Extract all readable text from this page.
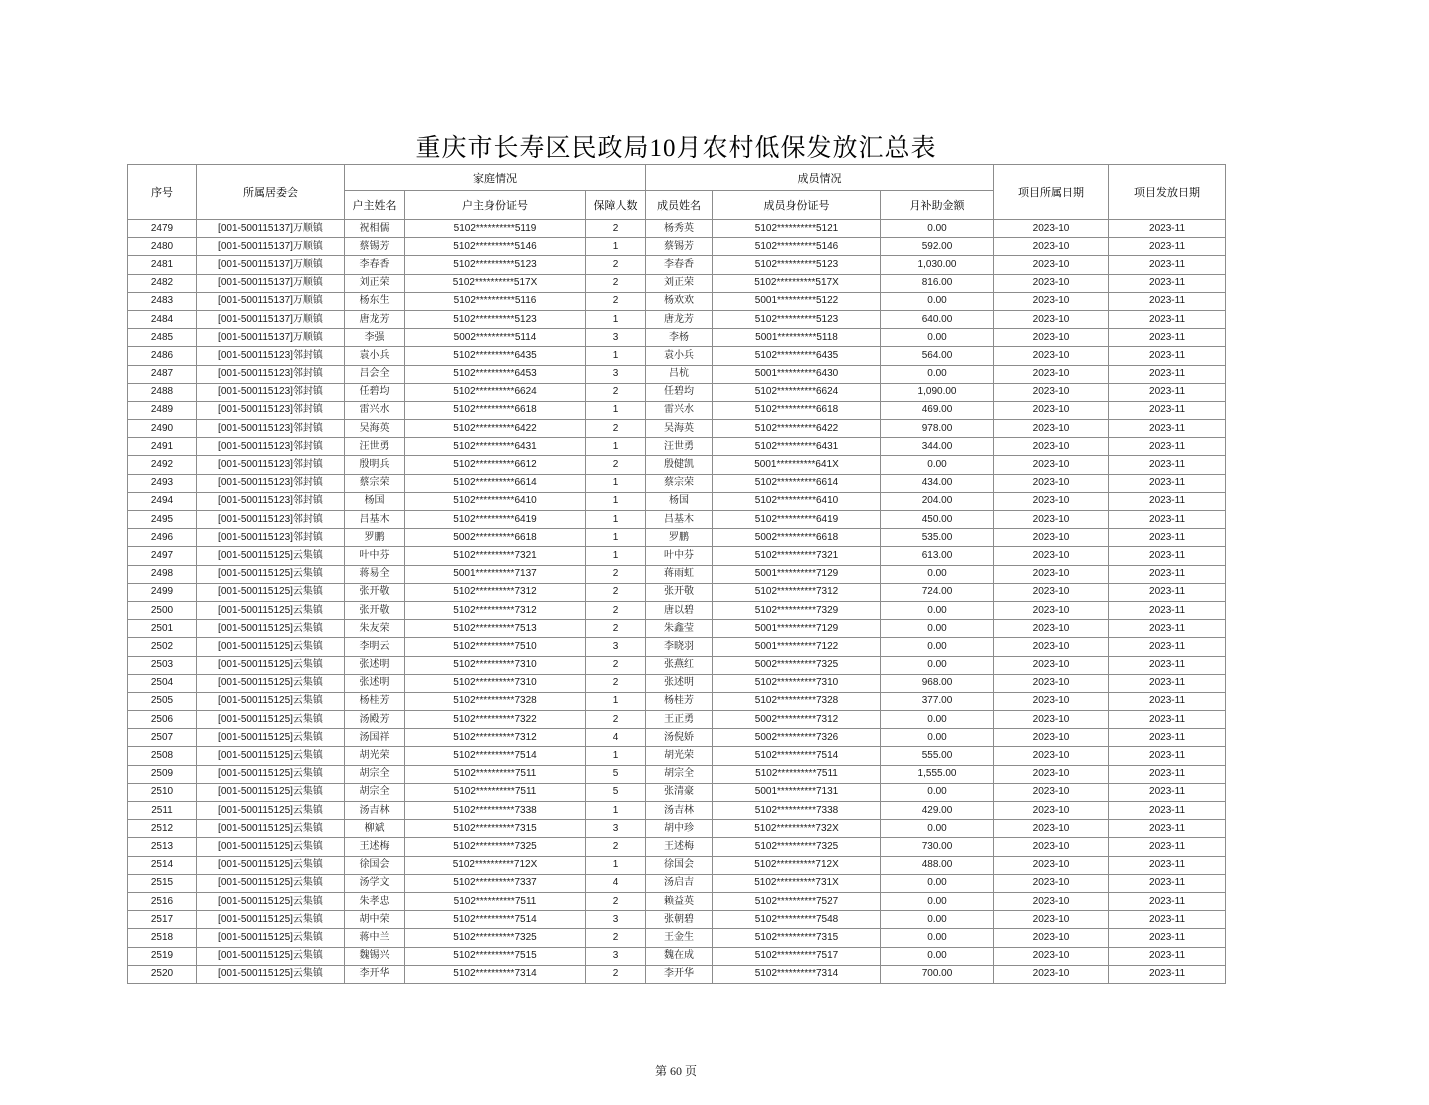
重庆市长寿区民政局10月农村低保发放汇总表
序号	所属居委会	家庭情况			成员情况			项目所属日期	项目发放日期
		户主姓名	户主身份证号	保障人数	成员姓名	成员身份证号	月补助金额		
2479	[001-500115137]万顺镇	祝相儒	5102**********5119	2	杨秀英	5102**********5121	0.00	2023-10	2023-11
2480	[001-500115137]万顺镇	蔡锡芳	5102**********5146	1	蔡锡芳	5102**********5146	592.00	2023-10	2023-11
2481	[001-500115137]万顺镇	李春香	5102**********5123	2	李春香	5102**********5123	1,030.00	2023-10	2023-11
2482	[001-500115137]万顺镇	刘正荣	5102**********517X	2	刘正荣	5102**********517X	816.00	2023-10	2023-11
2483	[001-500115137]万顺镇	杨东生	5102**********5116	2	杨欢欢	5001**********5122	0.00	2023-10	2023-11
2484	[001-500115137]万顺镇	唐龙芳	5102**********5123	1	唐龙芳	5102**********5123	640.00	2023-10	2023-11
2485	[001-500115137]万顺镇	李强	5002**********5114	3	李杨	5001**********5118	0.00	2023-10	2023-11
2486	[001-500115123]邻封镇	袁小兵	5102**********6435	1	袁小兵	5102**********6435	564.00	2023-10	2023-11
2487	[001-500115123]邻封镇	吕会全	5102**********6453	3	吕杭	5001**********6430	0.00	2023-10	2023-11
2488	[001-500115123]邻封镇	任碧均	5102**********6624	2	任碧均	5102**********6624	1,090.00	2023-10	2023-11
2489	[001-500115123]邻封镇	雷兴水	5102**********6618	1	雷兴水	5102**********6618	469.00	2023-10	2023-11
2490	[001-500115123]邻封镇	吴海英	5102**********6422	2	吴海英	5102**********6422	978.00	2023-10	2023-11
2491	[001-500115123]邻封镇	汪世勇	5102**********6431	1	汪世勇	5102**********6431	344.00	2023-10	2023-11
2492	[001-500115123]邻封镇	殷明兵	5102**********6612	2	殷健凯	5001**********641X	0.00	2023-10	2023-11
2493	[001-500115123]邻封镇	蔡宗荣	5102**********6614	1	蔡宗荣	5102**********6614	434.00	2023-10	2023-11
2494	[001-500115123]邻封镇	杨国	5102**********6410	1	杨国	5102**********6410	204.00	2023-10	2023-11
2495	[001-500115123]邻封镇	吕基木	5102**********6419	1	吕基木	5102**********6419	450.00	2023-10	2023-11
2496	[001-500115123]邻封镇	罗鹏	5002**********6618	1	罗鹏	5002**********6618	535.00	2023-10	2023-11
2497	[001-500115125]云集镇	叶中芬	5102**********7321	1	叶中芬	5102**********7321	613.00	2023-10	2023-11
2498	[001-500115125]云集镇	蒋易全	5001**********7137	2	蒋雨虹	5001**********7129	0.00	2023-10	2023-11
2499	[001-500115125]云集镇	张开敬	5102**********7312	2	张开敬	5102**********7312	724.00	2023-10	2023-11
2500	[001-500115125]云集镇	张开敬	5102**********7312	2	唐以碧	5102**********7329	0.00	2023-10	2023-11
2501	[001-500115125]云集镇	朱友荣	5102**********7513	2	朱鑫莹	5001**********7129	0.00	2023-10	2023-11
2502	[001-500115125]云集镇	李明云	5102**********7510	3	李晓羽	5001**********7122	0.00	2023-10	2023-11
2503	[001-500115125]云集镇	张述明	5102**********7310	2	张燕红	5002**********7325	0.00	2023-10	2023-11
2504	[001-500115125]云集镇	张述明	5102**********7310	2	张述明	5102**********7310	968.00	2023-10	2023-11
2505	[001-500115125]云集镇	杨桂芳	5102**********7328	1	杨桂芳	5102**********7328	377.00	2023-10	2023-11
2506	[001-500115125]云集镇	汤殿芳	5102**********7322	2	王正勇	5002**********7312	0.00	2023-10	2023-11
2507	[001-500115125]云集镇	汤国祥	5102**********7312	4	汤倪娇	5002**********7326	0.00	2023-10	2023-11
2508	[001-500115125]云集镇	胡光荣	5102**********7514	1	胡光荣	5102**********7514	555.00	2023-10	2023-11
2509	[001-500115125]云集镇	胡宗全	5102**********7511	5	胡宗全	5102**********7511	1,555.00	2023-10	2023-11
2510	[001-500115125]云集镇	胡宗全	5102**********7511	5	张清豪	5001**********7131	0.00	2023-10	2023-11
2511	[001-500115125]云集镇	汤吉林	5102**********7338	1	汤吉林	5102**********7338	429.00	2023-10	2023-11
2512	[001-500115125]云集镇	柳斌	5102**********7315	3	胡中珍	5102**********732X	0.00	2023-10	2023-11
2513	[001-500115125]云集镇	王述梅	5102**********7325	2	王述梅	5102**********7325	730.00	2023-10	2023-11
2514	[001-500115125]云集镇	徐国会	5102**********712X	1	徐国会	5102**********712X	488.00	2023-10	2023-11
2515	[001-500115125]云集镇	汤学文	5102**********7337	4	汤启吉	5102**********731X	0.00	2023-10	2023-11
2516	[001-500115125]云集镇	朱孝忠	5102**********7511	2	赖益英	5102**********7527	0.00	2023-10	2023-11
2517	[001-500115125]云集镇	胡中荣	5102**********7514	3	张朝碧	5102**********7548	0.00	2023-10	2023-11
2518	[001-500115125]云集镇	蒋中兰	5102**********7325	2	王金生	5102**********7315	0.00	2023-10	2023-11
2519	[001-500115125]云集镇	魏锡兴	5102**********7515	3	魏在成	5102**********7517	0.00	2023-10	2023-11
2520	[001-500115125]云集镇	李开华	5102**********7314	2	李开华	5102**********7314	700.00	2023-10	2023-11
第 60 页
